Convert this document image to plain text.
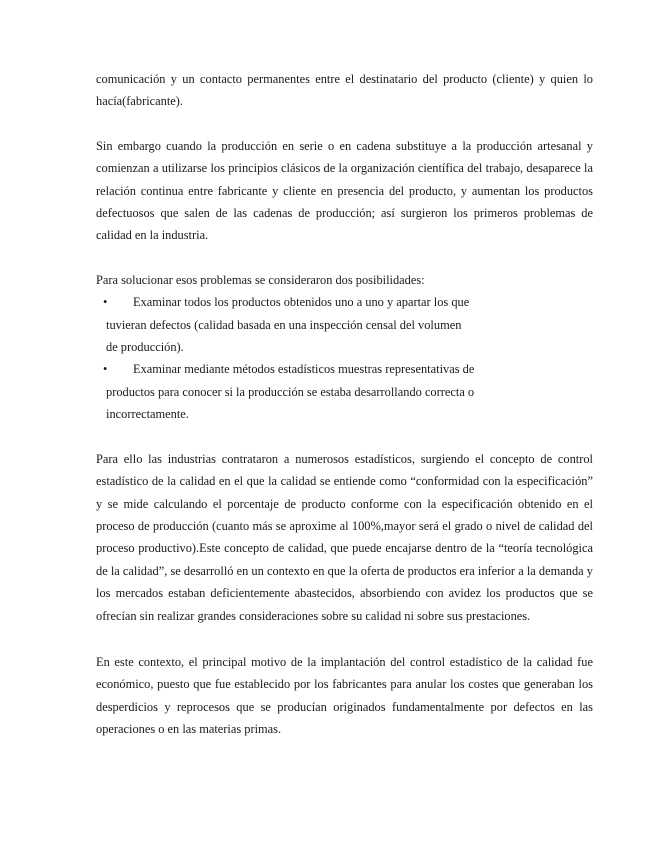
comunicación y un contacto permanentes entre el destinatario del producto (cliente) y quien lo hacía(fabricante).

Sin embargo cuando la producción en serie o en cadena substituye a la producción artesanal y comienzan a utilizarse los principios clásicos de la organización científica del trabajo, desaparece la relación continua entre fabricante y cliente en presencia del producto, y aumentan los productos defectuosos que salen de las cadenas de producción; así surgieron los primeros problemas de calidad en la industria.

Para solucionar esos problemas se consideraron dos posibilidades:

• Examinar todos los productos obtenidos uno a uno y apartar los que tuvieran defectos (calidad basada en una inspección censal del volumen de producción).
• Examinar mediante métodos estadísticos muestras representativas de productos para conocer si la producción se estaba desarrollando correcta o incorrectamente.

Para ello las industrias contrataron a numerosos estadísticos, surgiendo el concepto de control estadístico de la calidad en el que la calidad se entiende como “conformidad con la especificación” y se mide calculando el porcentaje de producto conforme con la especificación obtenido en el proceso de producción (cuanto más se aproxime al 100%,mayor será el grado o nivel de calidad del proceso productivo).Este concepto de calidad, que puede encajarse dentro de la “teoría tecnológica de la calidad”, se desarrolló en un contexto en que la oferta de productos era inferior a la demanda y los mercados estaban deficientemente abastecidos, absorbiendo con avidez los productos que se ofrecían sin realizar grandes consideraciones sobre su calidad ni sobre sus prestaciones.

En este contexto, el principal motivo de la implantación del control estadístico de la calidad fue económico, puesto que fue establecido por los fabricantes para anular los costes que generaban los desperdicios y reprocesos que se producían originados fundamentalmente por defectos en las operaciones o en las materias primas.
